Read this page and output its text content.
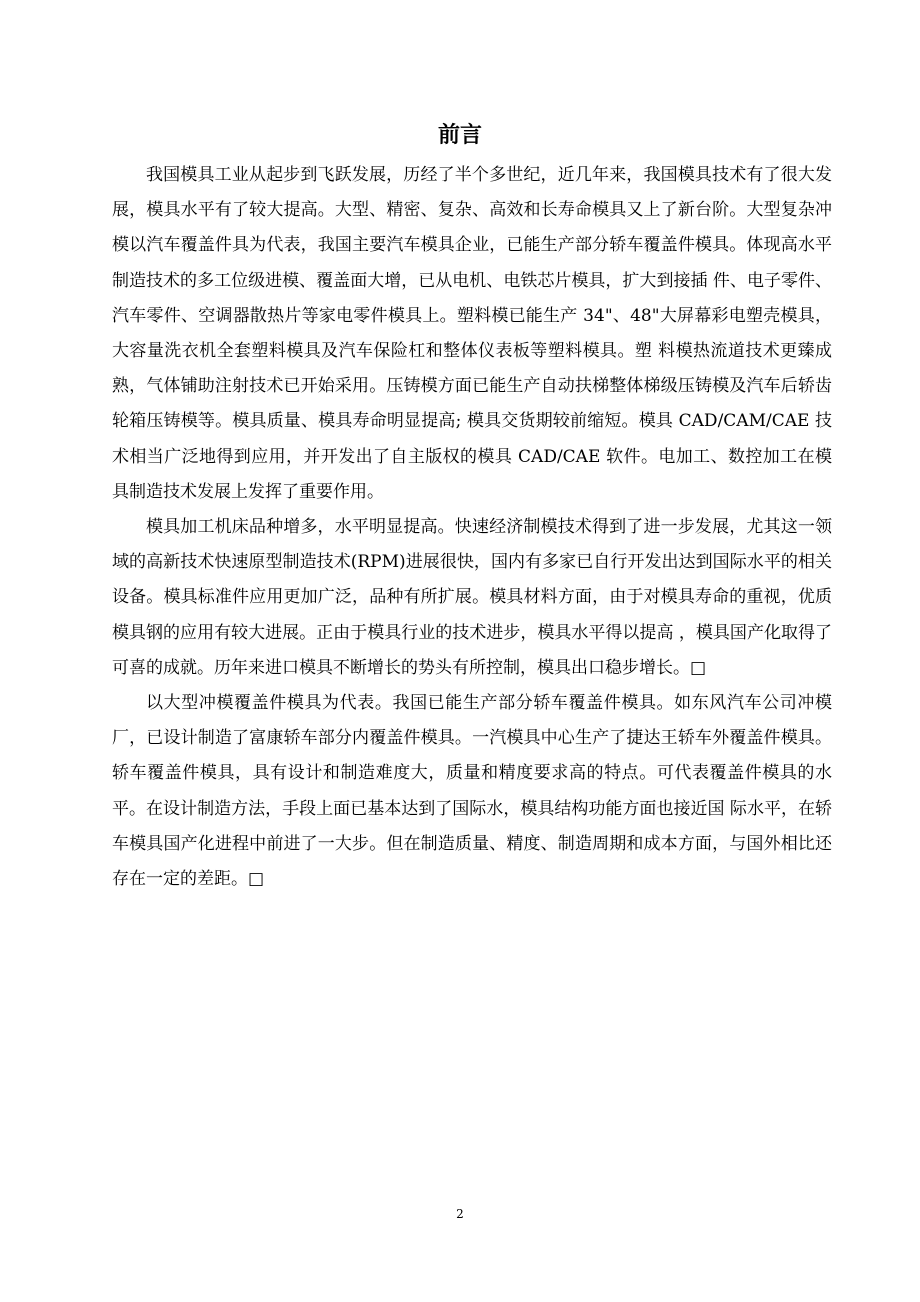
前言

我国模具工业从起步到飞跃发展，历经了半个多世纪，近几年来，我国模具技术有了很大发展，模具水平有了较大提高。大型、精密、复杂、高效和长寿命模具又上了新台阶。大型复杂冲模以汽车覆盖件具为代表，我国主要汽车模具企业，已能生产部分轿车覆盖件模具。体现高水平制造技术的多工位级进模、覆盖面大增，已从电机、电铁芯片模具，扩大到接插 件、电子零件、汽车零件、空调器散热片等家电零件模具上。塑料模已能生产 34"、48"大屏幕彩电塑壳模具，大容量洗衣机全套塑料模具及汽车保险杠和整体仪表板等塑料模具。塑 料模热流道技术更臻成熟，气体铺助注射技术已开始采用。压铸模方面已能生产自动扶梯整体梯级压铸模及汽车后轿齿轮箱压铸模等。模具质量、模具寿命明显提高; 模具交货期较前缩短。模具 CAD/CAM/CAE 技术相当广泛地得到应用，并开发出了自主版权的模具 CAD/CAE 软件。电加工、数控加工在模具制造技术发展上发挥了重要作用。

模具加工机床品种增多，水平明显提高。快速经济制模技术得到了进一步发展，尤其这一领域的高新技术快速原型制造技术(RPM)进展很快，国内有多家已自行开发出达到国际水平的相关设备。模具标准件应用更加广泛，品种有所扩展。模具材料方面，由于对模具寿命的重视，优质模具钢的应用有较大进展。正由于模具行业的技术进步，模具水平得以提高 ，模具国产化取得了可喜的成就。历年来进口模具不断增长的势头有所控制，模具出口稳步增长。□

以大型冲模覆盖件模具为代表。我国已能生产部分轿车覆盖件模具。如东风汽车公司冲模厂，已设计制造了富康轿车部分内覆盖件模具。一汽模具中心生产了捷达王轿车外覆盖件模具。轿车覆盖件模具，具有设计和制造难度大，质量和精度要求高的特点。可代表覆盖件模具的水平。在设计制造方法，手段上面已基本达到了国际水，模具结构功能方面也接近国 际水平，在轿车模具国产化进程中前进了一大步。但在制造质量、精度、制造周期和成本方面，与国外相比还存在一定的差距。□

2
